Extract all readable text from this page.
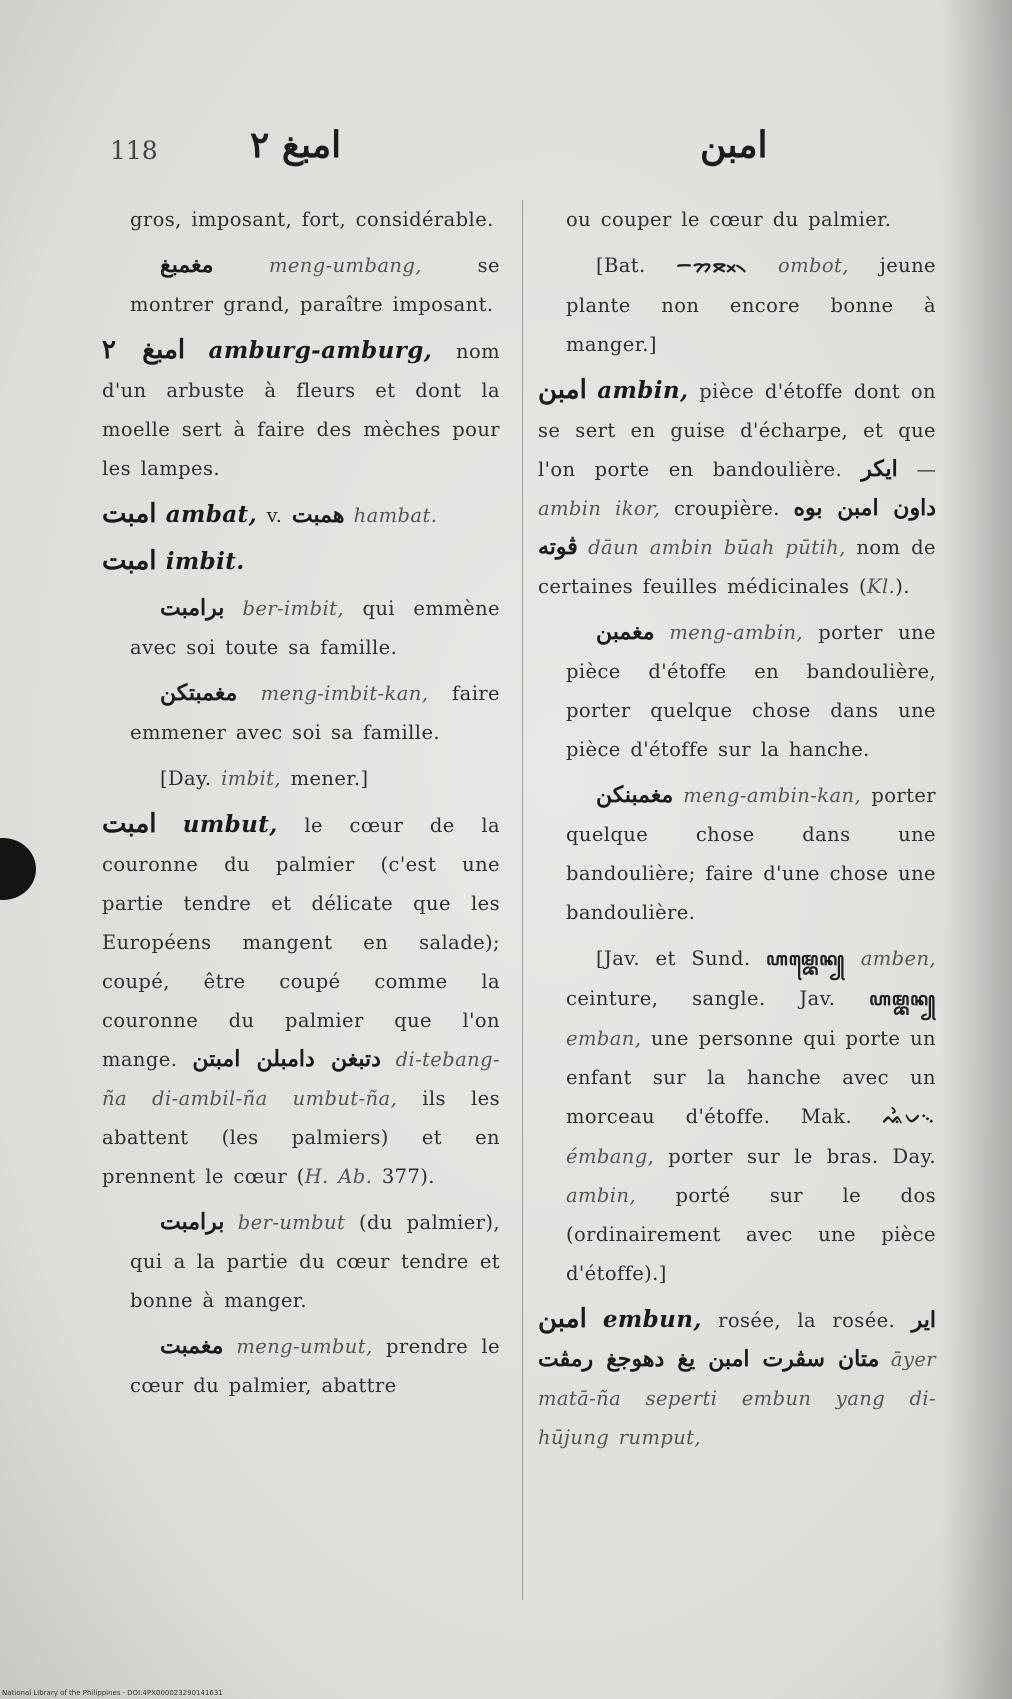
118	امبغ ٢	امبن

gros, imposant, fort, considérable.

مغمبغ	meng-umbang, se montrer grand, paraître imposant.

امبغ ٢ amburg-amburg, nom d'un arbuste à fleurs et dont la moelle sert à faire des mèches pour les lampes.

امبت ambat, v. همبت hambat.

امبت imbit.

برامبت ber-imbit, qui emmène avec soi toute sa famille.

مغمبتكن meng-imbit-kan, faire emmener avec soi sa famille.

[Day. imbit, mener.]

امبت umbut, le cœur de la couronne du palmier (c'est une partie tendre et délicate que les Européens mangent en salade); coupé, être coupé comme la couronne du palmier que l'on mange. دتبغن دامبلن امبتن di-tebang-ña di-ambil-ña umbut-ña, ils les abattent (les palmiers) et en prennent le cœur (H. Ab. 377).

برامبت ber-umbut (du palmier), qui a la partie du cœur tendre et bonne à manger.

مغمبت meng-umbut, prendre le cœur du palmier, abattre

ou couper le cœur du palmier.

[Bat. ᯇᯂᯬᯖ᯲ ombot, jeune plante non encore bonne à manger.]

امبن ambin, pièce d'étoffe dont on se sert en guise d'écharpe, et que l'on porte en bandoulière. ايكر — ambin ikor, croupière. داون امبن بوه ڤوته dāun ambin būah pūtih, nom de certaines feuilles médicinales (Kl.).

مغمبن meng-ambin, porter une pièce d'étoffe en bandoulière, porter quelque chose dans une pièce d'étoffe sur la hanche.

مغمبنكن meng-ambin-kan, porter quelque chose dans une bandoulière; faire d'une chose une bandoulière.

[Jav. et Sund. ꦲꦩ꧀ꦧꦺꦤ꧀ amben, ceinture, sangle. Jav. ꦲꦩ꧀ꦧꦤ꧀ emban, une personne qui porte un enfant sur la hanche avec un morceau d'étoffe. Mak. ᨕᨛᨆ᨞ émbang, porter sur le bras. Day. ambin, porté sur le dos (ordinairement avec une pièce d'étoffe).]

امبن embun, rosée, la rosée. اير متان سڤرت امبن يغ دهوجغ رمڤت āyer matā-ña seperti embun yang di-hūjung rumput,

National Library of the Philippines · DOI:4PX000023290141631
